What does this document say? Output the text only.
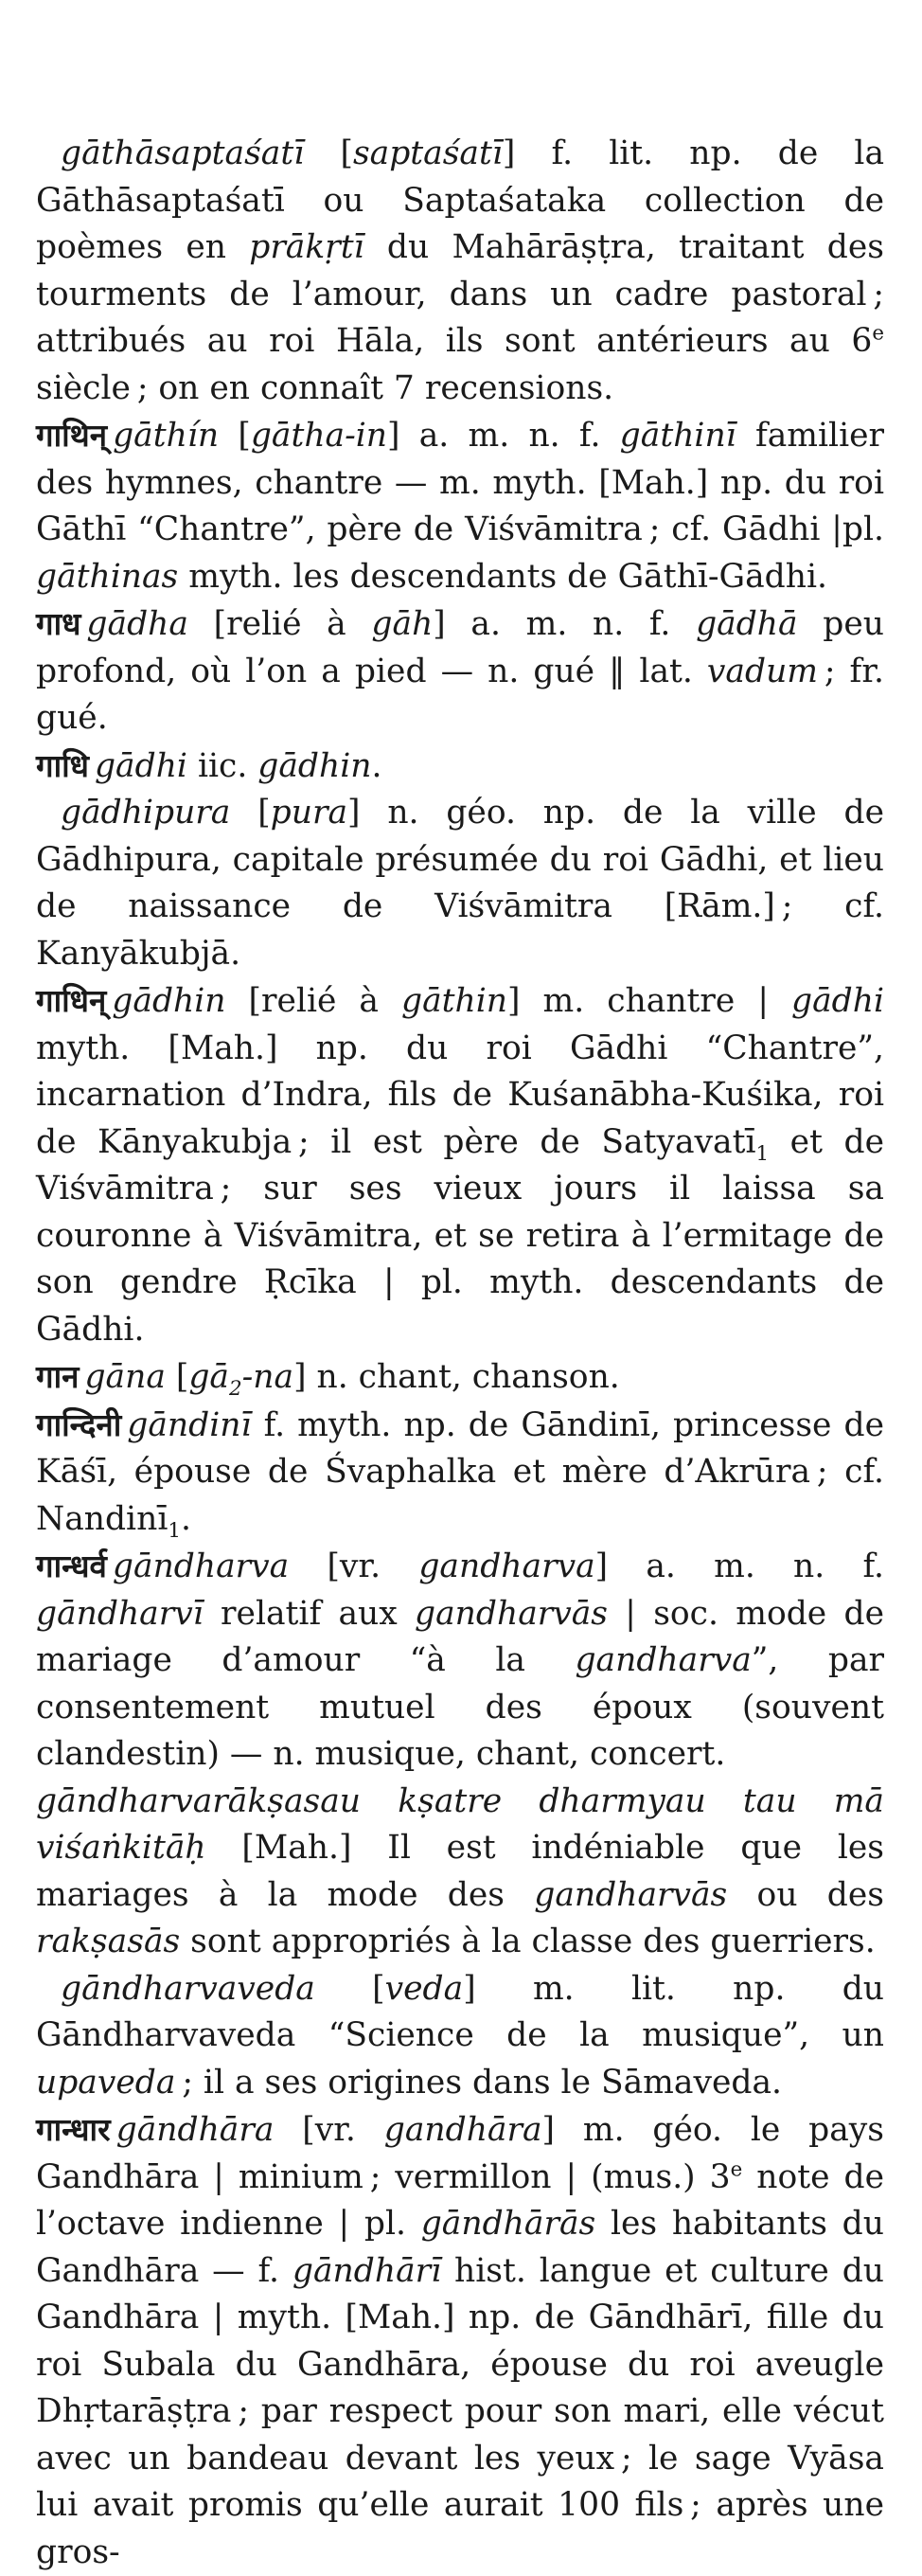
gāthāsaptaśatī [saptaśatī] f. lit. np. de la Gāthāsaptaśatī ou Saptaśataka collection de poèmes en prākṛtī du Mahārāṣṭra, traitant des tourments de l’amour, dans un cadre pastoral ; attribués au roi Hāla, ils sont antérieurs au 6e siècle ; on en connaît 7 recensions.

गाथिन् gāthín [gātha-in] a. m. n. f. gāthinī familier des hymnes, chantre — m. myth. [Mah.] np. du roi Gāthī “Chantre”, père de Viśvāmitra ; cf. Gādhi |pl. gāthinas myth. les descendants de Gāthī-Gādhi.

गाध gādha [relié à gāh] a. m. n. f. gādhā peu profond, où l’on a pied — n. gué ‖ lat. vadum ; fr. gué.

गाधि gādhi iic. gādhin.

gādhipura [pura] n. géo. np. de la ville de Gādhipura, capitale présumée du roi Gādhi, et lieu de naissance de Viśvāmitra [Rām.] ; cf. Kanyākubjā.

गाधिन् gādhin [relié à gāthin] m. chantre | gādhi myth. [Mah.] np. du roi Gādhi “Chantre”, incarnation d’Indra, fils de Kuśanābha-Kuśika, roi de Kānyakubja ; il est père de Satyavatī$_1$ et de Viśvāmitra ; sur ses vieux jours il laissa sa couronne à Viśvāmitra, et se retira à l’ermitage de son gendre Ṛcīka | pl. myth. descendants de Gādhi.

गान gāna $[gā_2-na]$ n. chant, chanson.

गान्दिनी gāndinī f. myth. np. de Gāndinī, princesse de Kāśī, épouse de Śvaphalka et mère d’Akrūra ; cf. Nandinī$_1$.

गान्धर्व gāndharva [vr. gandharva] a. m. n. f. gāndharvī relatif aux gandharvās | soc. mode de mariage d’amour “à la gandharva”, par consentement mutuel des époux (souvent clandestin) — n. musique, chant, concert.

gāndharvarākṣasau kṣatre dharmyau tau mā viśaṅkitāḥ [Mah.] Il est indéniable que les mariages à la mode des gandharvās ou des rakṣasās sont appropriés à la classe des guerriers.

gāndharvaveda [veda] m. lit. np. du Gāndharvaveda “Science de la musique”, un upaveda ; il a ses origines dans le Sāmaveda.

गान्धार gāndhāra [vr. gandhāra] m. géo. le pays Gandhāra | minium ; vermillon | (mus.) 3e note de l’octave indienne | pl. gāndhārās les habitants du Gandhāra — f. gāndhārī hist. langue et culture du Gandhāra | myth. [Mah.] np. de Gāndhārī, fille du roi Subala du Gandhāra, épouse du roi aveugle Dhṛtarāṣṭra ; par respect pour son mari, elle vécut avec un bandeau devant les yeux ; le sage Vyāsa lui avait promis qu’elle aurait 100 fils ; après une gros-
